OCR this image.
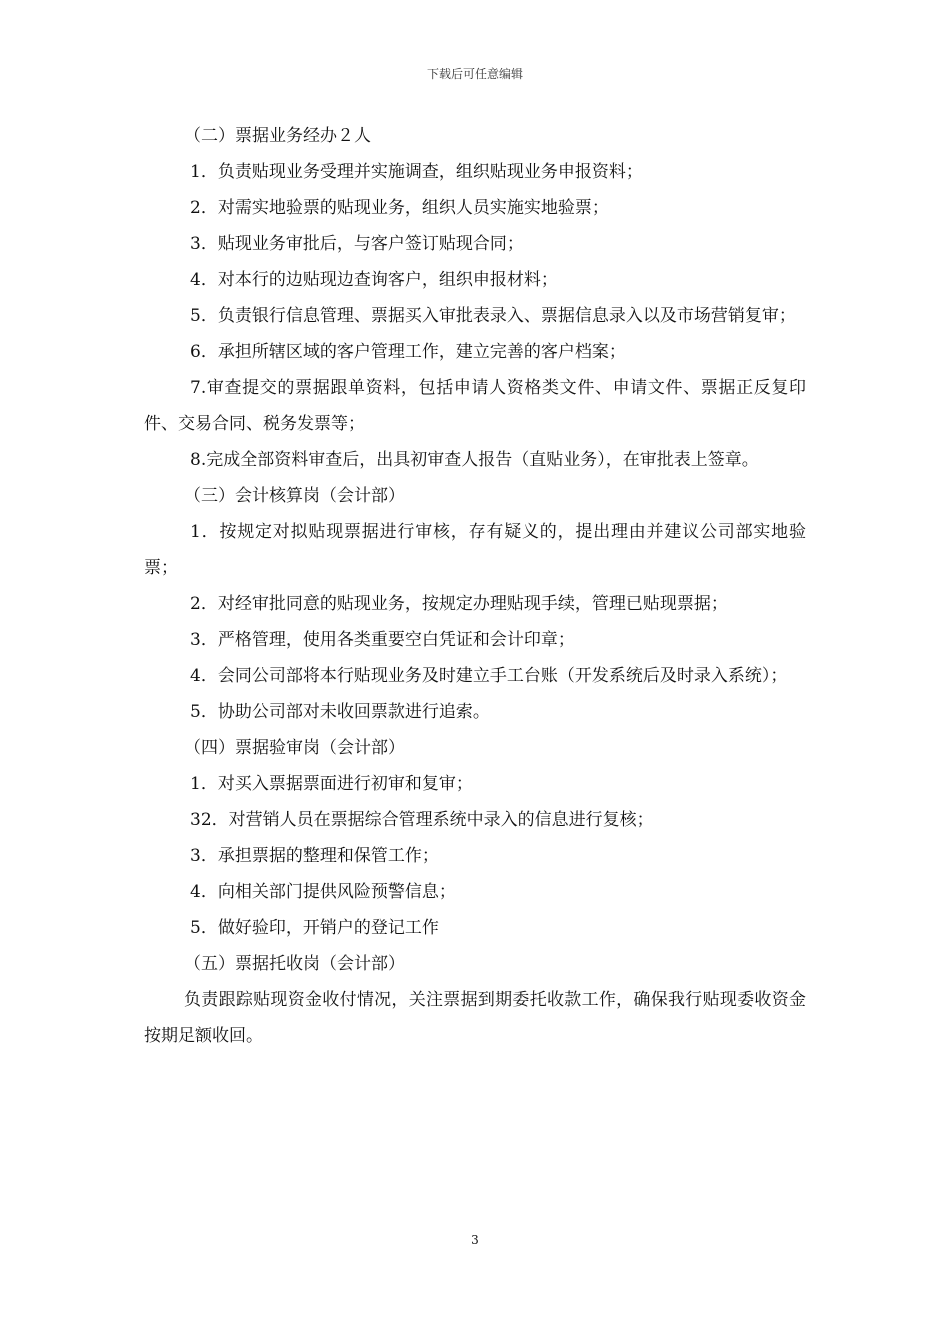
下载后可任意编辑

（二）票据业务经办２人

1．负责贴现业务受理并实施调查，组织贴现业务申报资料；

2．对需实地验票的贴现业务，组织人员实施实地验票；

3．贴现业务审批后，与客户签订贴现合同；

4．对本行的边贴现边查询客户，组织申报材料；

5．负责银行信息管理、票据买入审批表录入、票据信息录入以及市场营销复审；

6．承担所辖区域的客户管理工作，建立完善的客户档案；

7.审查提交的票据跟单资料，包括申请人资格类文件、申请文件、票据正反复印件、交易合同、税务发票等；

8.完成全部资料审查后，出具初审查人报告（直贴业务），在审批表上签章。

（三）会计核算岗（会计部）

1．按规定对拟贴现票据进行审核，存有疑义的，提出理由并建议公司部实地验票；

2．对经审批同意的贴现业务，按规定办理贴现手续，管理已贴现票据；

3．严格管理，使用各类重要空白凭证和会计印章；

4．会同公司部将本行贴现业务及时建立手工台账（开发系统后及时录入系统）；

5．协助公司部对未收回票款进行追索。

（四）票据验审岗（会计部）

1．对买入票据票面进行初审和复审；

32．对营销人员在票据综合管理系统中录入的信息进行复核；

3．承担票据的整理和保管工作；

4．向相关部门提供风险预警信息；

5．做好验印，开销户的登记工作

（五）票据托收岗（会计部）

负责跟踪贴现资金收付情况，关注票据到期委托收款工作，确保我行贴现委收资金按期足额收回。

3
